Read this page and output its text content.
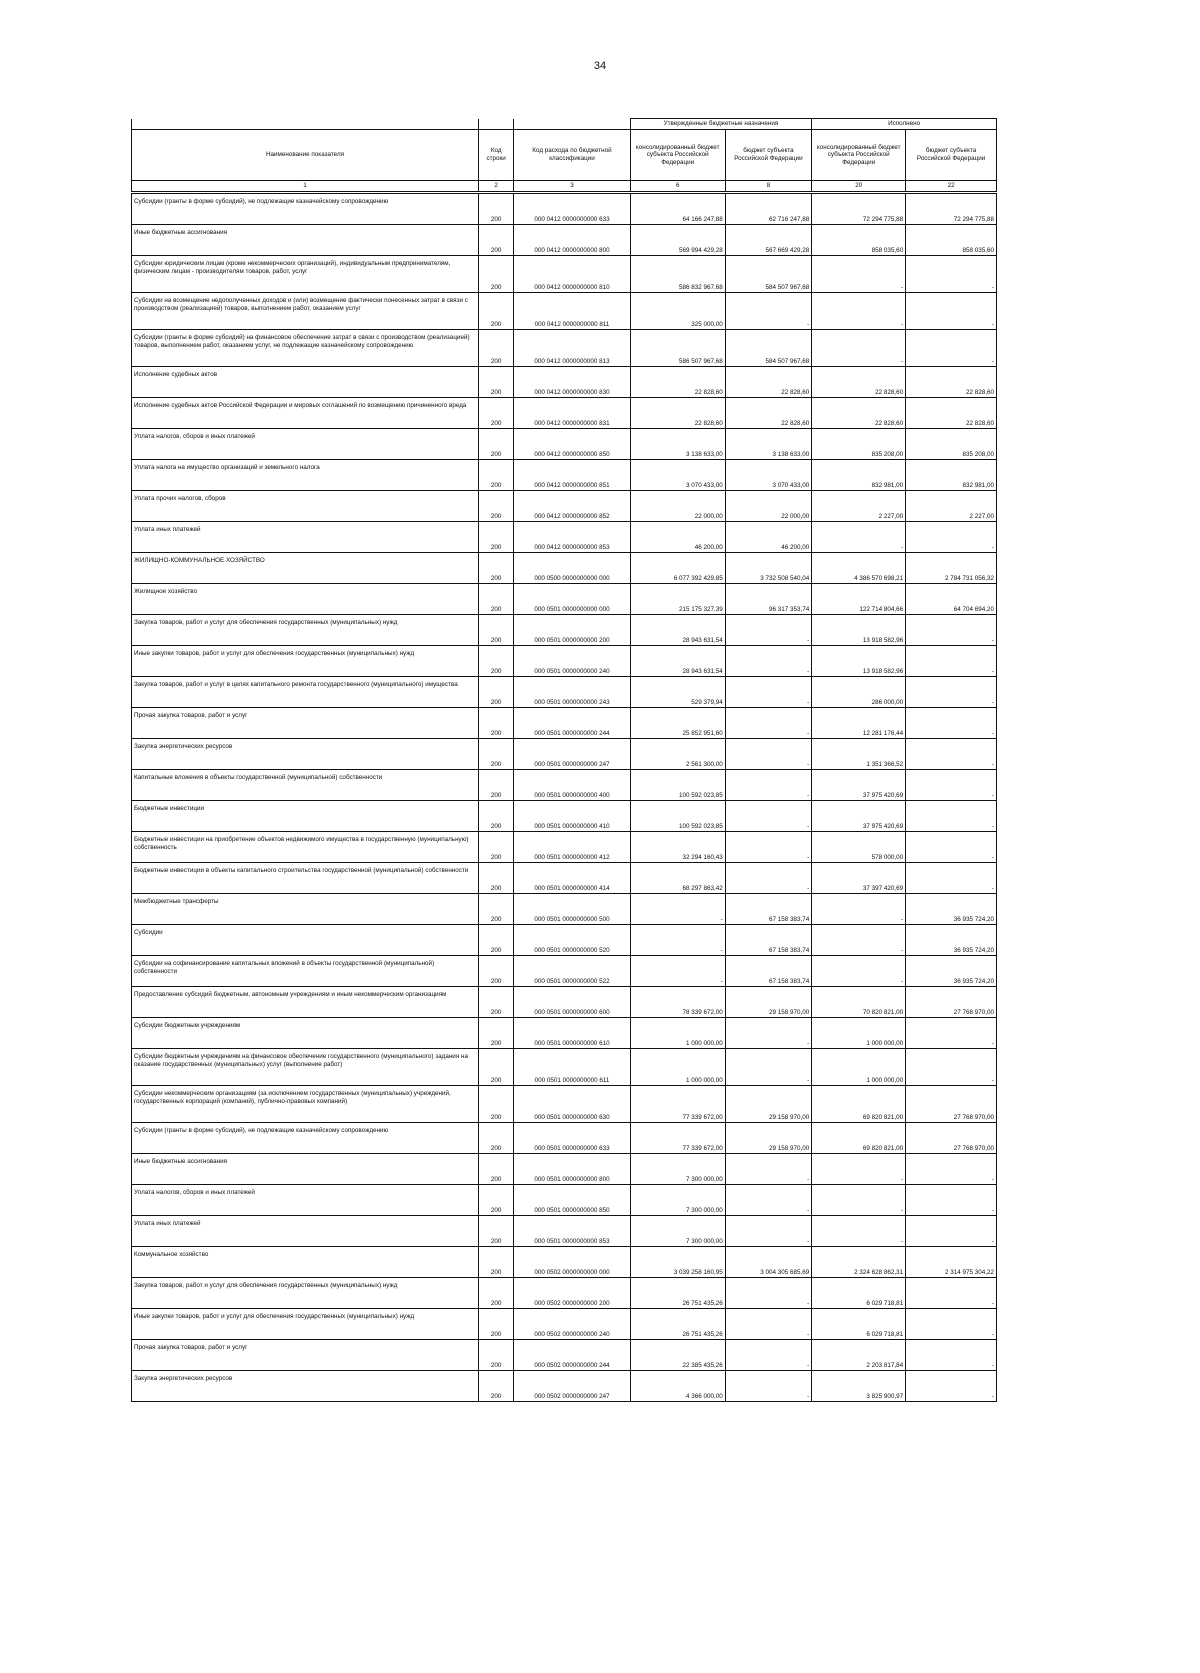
34
			Утвержденные бюджетные назначения		Исполнено	
Наименование показателя	Код строки	Код расхода по бюджетной классификации	консолидированный бюджет субъекта Российской Федерации	бюджет субъекта Российской Федерации	консолидированный бюджет субъекта Российской Федерации	бюджет субъекта Российской Федерации
1	2	3	6	8	20	22
Субсидии (гранты в форме субсидий), не подлежащие казначейскому сопровождению	200	000 0412 0000000000 633	64 166 247,88	62 716 247,88	72 294 775,88	72 294 775,88
Иные бюджетные ассигнования	200	000 0412 0000000000 800	569 994 429,28	567 669 429,28	858 035,60	858 035,60
Субсидии юридическим лицам (кроме некоммерческих организаций), индивидуальным предпринимателям, физическим лицам - производителям товаров, работ, услуг	200	000 0412 0000000000 810	586 832 967,68	584 507 967,68	-	-
Субсидии на возмещение недополученных доходов и (или) возмещение фактически понесенных затрат в связи с производством (реализацией) товаров, выполнением работ, оказанием услуг	200	000 0412 0000000000 811	325 000,00	-	-	-
Субсидии (гранты в форме субсидий) на финансовое обеспечение затрат в связи с производством (реализацией) товаров, выполнением работ, оказанием услуг, не подлежащие казначейскому сопровождению	200	000 0412 0000000000 813	586 507 967,68	584 507 967,68	-	-
Исполнение судебных актов	200	000 0412 0000000000 830	22 828,60	22 828,60	22 828,60	22 828,60
Исполнение судебных актов Российской Федерации и мировых соглашений по возмещению причиненного вреда	200	000 0412 0000000000 831	22 828,60	22 828,60	22 828,60	22 828,60
Уплата налогов, сборов и иных платежей	200	000 0412 0000000000 850	3 138 633,00	3 138 633,00	835 208,00	835 208,00
Уплата налога на имущество организаций и земельного налога	200	000 0412 0000000000 851	3 070 433,00	3 070 433,00	832 981,00	832 981,00
Уплата прочих налогов, сборов	200	000 0412 0000000000 852	22 000,00	22 000,00	2 227,00	2 227,00
Уплата иных платежей	200	000 0412 0000000000 853	46 200,00	46 200,00	-	-
ЖИЛИЩНО-КОММУНАЛЬНОЕ ХОЗЯЙСТВО	200	000 0500 0000000000 000	6 077 392 429,85	3 732 508 540,04	4 386 570 698,21	2 784 731 056,32
Жилищное хозяйство	200	000 0501 0000000000 000	215 175 327,39	96 317 353,74	122 714 804,66	64 704 694,20
Закупка товаров, работ и услуг для обеспечения государственных (муниципальных) нужд	200	000 0501 0000000000 200	28 943 631,54	-	13 918 582,96	-
Иные закупки товаров, работ и услуг для обеспечения государственных (муниципальных) нужд	200	000 0501 0000000000 240	28 943 631,54	-	13 918 582,96	-
Закупка товаров, работ и услуг в целях капитального ремонта государственного (муниципального) имущества	200	000 0501 0000000000 243	529 379,94	-	286 000,00	-
Прочая закупка товаров, работ и услуг	200	000 0501 0000000000 244	25 852 951,60	-	12 281 176,44	-
Закупка энергетических ресурсов	200	000 0501 0000000000 247	2 561 300,00	-	1 351 366,52	-
Капитальные вложения в объекты государственной (муниципальной) собственности	200	000 0501 0000000000 400	100 592 023,85	-	37 975 420,69	-
Бюджетные инвестиции	200	000 0501 0000000000 410	100 592 023,85	-	37 975 420,69	-
Бюджетные инвестиции на приобретение объектов недвижимого имущества в государственную (муниципальную) собственность	200	000 0501 0000000000 412	32 294 160,43	-	578 000,00	-
Бюджетные инвестиции в объекты капитального строительства государственной (муниципальной) собственности	200	000 0501 0000000000 414	68 297 863,42	-	37 397 420,69	-
Межбюджетные трансферты	200	000 0501 0000000000 500	-	67 158 383,74	-	36 935 724,20
Субсидии	200	000 0501 0000000000 520	-	67 158 383,74	-	36 935 724,20
Субсидии на софинансирование капитальных вложений в объекты государственной (муниципальной) собственности	200	000 0501 0000000000 522	-	67 158 383,74	-	36 935 724,20
Предоставление субсидий бюджетным, автономным учреждениям и иным некоммерческим организациям	200	000 0501 0000000000 600	78 339 672,00	29 158 970,00	70 820 821,00	27 768 970,00
Субсидии бюджетным учреждениям	200	000 0501 0000000000 610	1 000 000,00	-	1 000 000,00	-
Субсидии бюджетным учреждениям на финансовое обеспечение государственного (муниципального) задания на оказание государственных (муниципальных) услуг (выполнение работ)	200	000 0501 0000000000 611	1 000 000,00	-	1 000 000,00	-
Субсидии некоммерческим организациям (за исключением государственных (муниципальных) учреждений, государственных корпораций (компаний), публично-правовых компаний)	200	000 0501 0000000000 630	77 339 672,00	29 158 970,00	69 820 821,00	27 768 970,00
Субсидии (гранты в форме субсидий), не подлежащие казначейскому сопровождению	200	000 0501 0000000000 633	77 339 672,00	29 158 970,00	69 820 821,00	27 768 970,00
Иные бюджетные ассигнования	200	000 0501 0000000000 800	7 300 000,00	-	-	-
Уплата налогов, сборов и иных платежей	200	000 0501 0000000000 850	7 300 000,00	-	-	-
Уплата иных платежей	200	000 0501 0000000000 853	7 300 000,00	-	-	-
Коммунальное хозяйство	200	000 0502 0000000000 000	3 039 258 160,95	3 004 305 685,69	2 324 628 862,31	2 314 975 304,22
Закупка товаров, работ и услуг для обеспечения государственных (муниципальных) нужд	200	000 0502 0000000000 200	26 751 435,26	-	6 029 718,81	-
Иные закупки товаров, работ и услуг для обеспечения государственных (муниципальных) нужд	200	000 0502 0000000000 240	26 751 435,26	-	6 029 718,81	-
Прочая закупка товаров, работ и услуг	200	000 0502 0000000000 244	22 385 435,26	-	2 203 817,84	-
Закупка энергетических ресурсов	200	000 0502 0000000000 247	4 366 000,00	-	3 825 900,97	-
